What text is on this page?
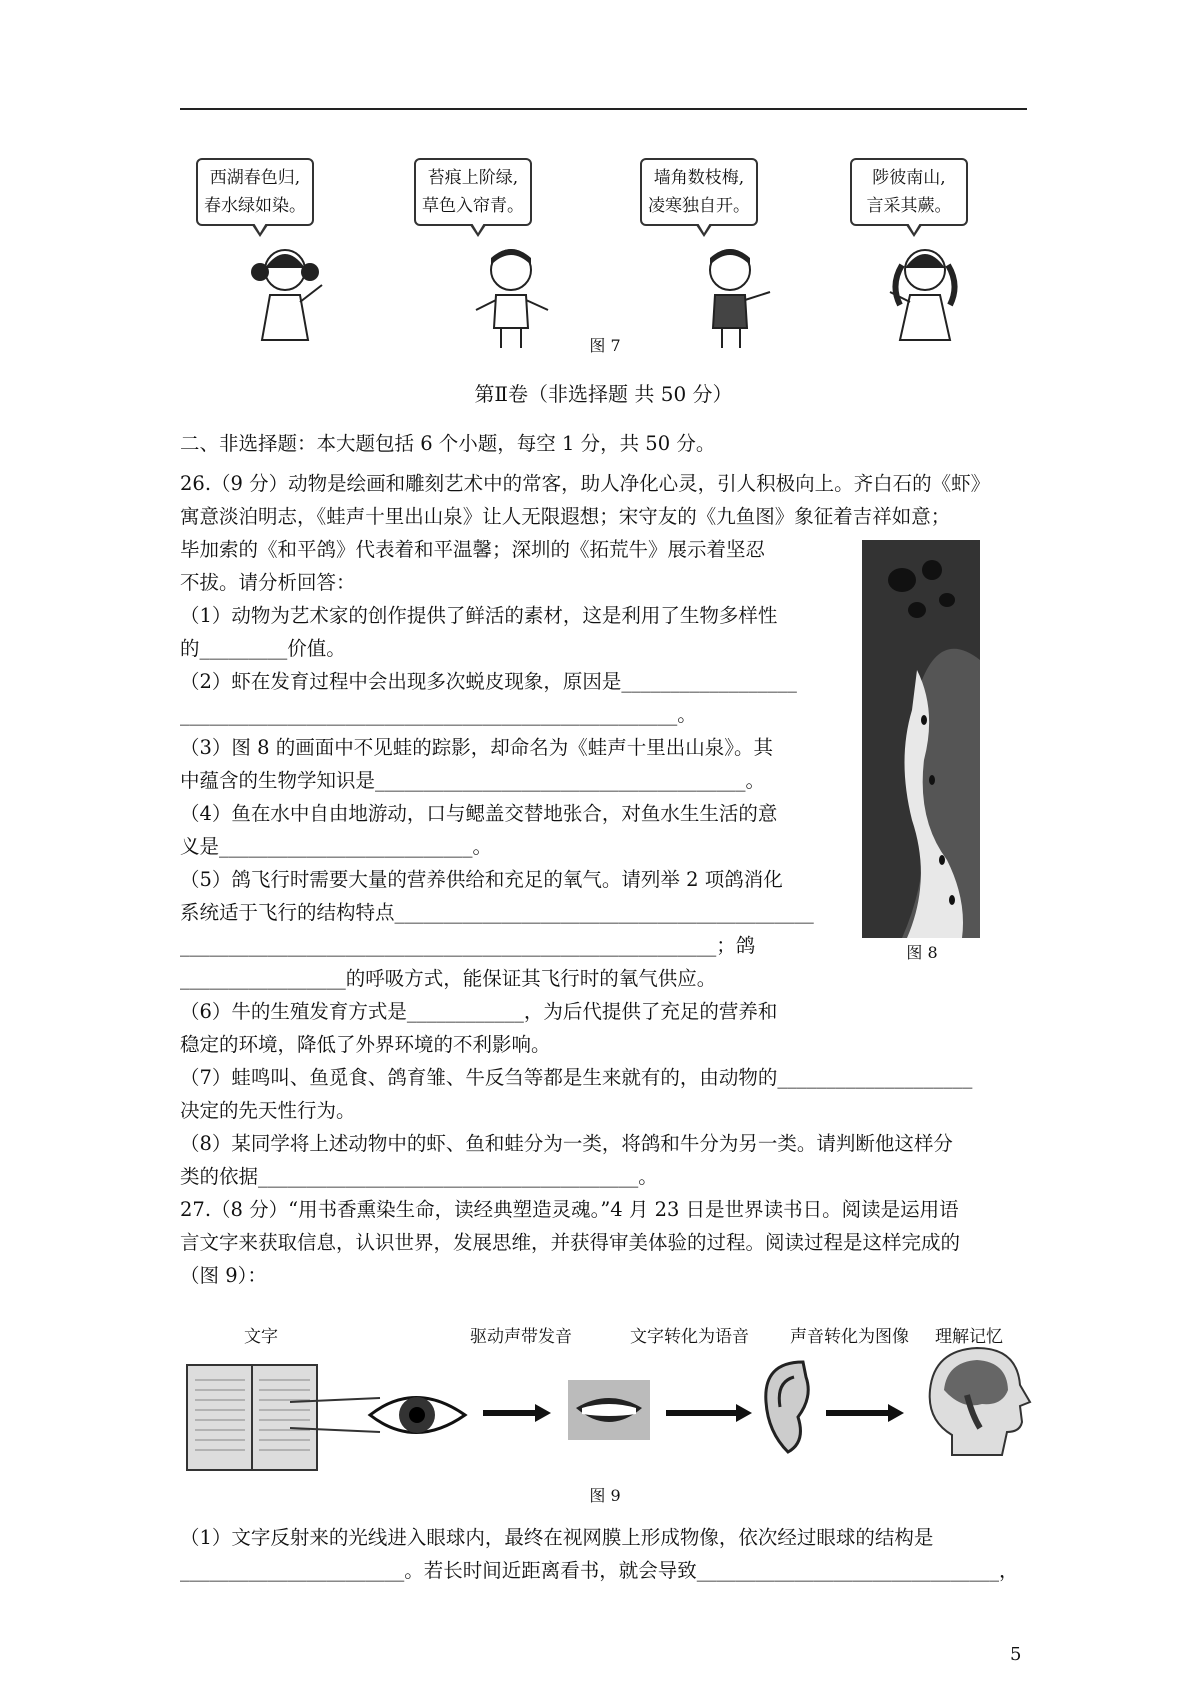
西湖春色归,
春水绿如染。
苔痕上阶绿,
草色入帘青。
墙角数枝梅,
凌寒独自开。
陟彼南山,
言采其蕨。
图 7
第Ⅱ卷（非选择题 共 50 分）
二、非选择题：本大题包括 6 个小题，每空 1 分，共 50 分。
26.（9 分）动物是绘画和雕刻艺术中的常客，助人净化心灵，引人积极向上。齐白石的《虾》
寓意淡泊明志，《蛙声十里出山泉》让人无限遐想；宋守友的《九鱼图》象征着吉祥如意；
毕加索的《和平鸽》代表着和平温馨；深圳的《拓荒牛》展示着坚忍
不拔。请分析回答：
（1）动物为艺术家的创作提供了鲜活的素材，这是利用了生物多样性
的_________价值。
（2）虾在发育过程中会出现多次蜕皮现象，原因是__________________
___________________________________________________。
（3）图 8 的画面中不见蛙的踪影，却命名为《蛙声十里出山泉》。其
中蕴含的生物学知识是______________________________________。
（4）鱼在水中自由地游动，口与鳃盖交替地张合，对鱼水生生活的意
义是__________________________。
（5）鸽飞行时需要大量的营养供给和充足的氧气。请列举 2 项鸽消化
系统适于飞行的结构特点___________________________________________
_______________________________________________________；鸽
_________________的呼吸方式，能保证其飞行时的氧气供应。
（6）牛的生殖发育方式是____________，为后代提供了充足的营养和
稳定的环境，降低了外界环境的不利影响。
（7）蛙鸣叫、鱼觅食、鸽育雏、牛反刍等都是生来就有的，由动物的____________________
决定的先天性行为。
（8）某同学将上述动物中的虾、鱼和蛙分为一类，将鸽和牛分为另一类。请判断他这样分
类的依据_______________________________________。
图 8
27.（8 分）“用书香熏染生命，读经典塑造灵魂。”4 月 23 日是世界读书日。阅读是运用语
言文字来获取信息，认识世界，发展思维，并获得审美体验的过程。阅读过程是这样完成的
（图 9）：
文字	驱动声带发音	文字转化为语音 声音转化为图像 理解记忆
图 9
（1）文字反射来的光线进入眼球内，最终在视网膜上形成物像，依次经过眼球的结构是
_______________________。若长时间近距离看书，就会导致_______________________________，
5
